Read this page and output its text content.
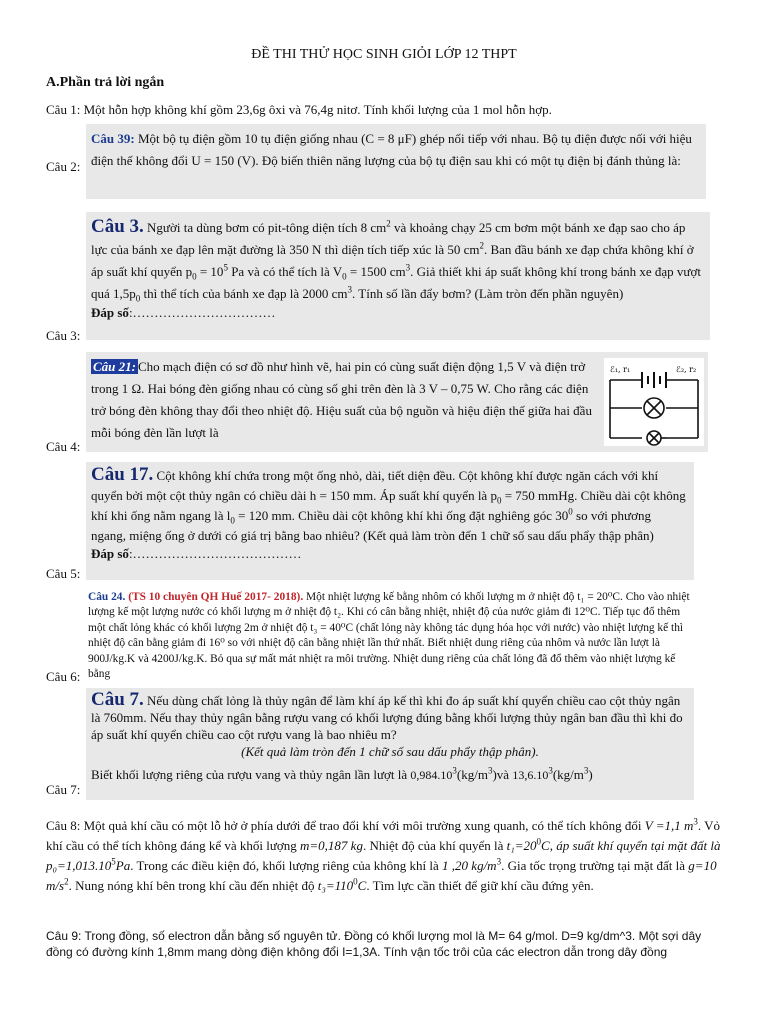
ĐỀ THI THỬ HỌC SINH GIỎI LỚP 12 THPT
A.Phần trả lời ngắn
Câu 1: Một hỗn hợp không khí gồm 23,6g ôxi và 76,4g nitơ. Tính khối lượng của 1 mol hỗn hợp.
Câu 39: Một bộ tụ điện gồm 10 tụ điện giống nhau (C = 8 μF) ghép nối tiếp với nhau. Bộ tụ điện được nối với hiệu điện thế không đổi U = 150 (V). Độ biến thiên năng lượng của bộ tụ điện sau khi có một tụ điện bị đánh thủng là:
Câu 2:
Câu 3. Người ta dùng bơm có pit-tông diện tích 8 $cm^2$ và khoảng chạy 25 cm bơm một bánh xe đạp sao cho áp lực của bánh xe đạp lên mặt đường là 350 N thì diện tích tiếp xúc là 50 $cm^2$. Ban đầu bánh xe đạp chứa không khí ở áp suất khí quyển $p_0 = 10^5$ Pa và có thể tích là $V_0 = 1500$ $cm^3$. Giả thiết khi áp suất không khí trong bánh xe đạp vượt quá $1,5p_0$ thì thể tích của bánh xe đạp là 2000 $cm^3$. Tính số lần đẩy bơm? (Làm tròn đến phần nguyên)
Đáp số:……………………………
Câu 3:
Câu 21: Cho mạch điện có sơ đồ như hình vẽ, hai pin có cùng suất điện động 1,5 V và điện trở trong 1 Ω. Hai bóng đèn giống nhau có cùng số ghi trên đèn là 3 V – 0,75 W. Cho rằng các điện trở bóng đèn không thay đổi theo nhiệt độ. Hiệu suất của bộ nguồn và hiệu điện thế giữa hai đầu mỗi bóng đèn lần lượt là
ℰ₁, r₁	ℰ₂, r₂
Câu 4:
Câu 17. Cột không khí chứa trong một ống nhỏ, dài, tiết diện đều. Cột không khí được ngăn cách với khí quyển bởi một cột thủy ngân có chiều dài h = 150 mm. Áp suất khí quyển là $p_0 = 750$ mmHg. Chiều dài cột không khí khi ống nằm ngang là $l_0 = 120$ mm. Chiều dài cột không khí khi ống đặt nghiêng góc $30^0$ so với phương ngang, miệng ống ở dưới có giá trị bằng bao nhiêu? (Kết quả làm tròn đến 1 chữ số sau dấu phẩy thập phân)
Đáp số:…………………………………
Câu 5:
Câu 24. (TS 10 chuyên QH Huế 2017- 2018). Một nhiệt lượng kế bằng nhôm có khối lượng m ở nhiệt độ t₁ = 20⁰C. Cho vào nhiệt lượng kế một lượng nước có khối lượng m ở nhiệt độ t₂. Khi có cân bằng nhiệt, nhiệt độ của nước giảm đi 12⁰C. Tiếp tục đổ thêm một chất lỏng khác có khối lượng 2m ở nhiệt độ t₃ = 40⁰C (chất lỏng này không tác dụng hóa học với nước) vào nhiệt lượng kế thì nhiệt độ cân bằng giảm đi 16⁰ so với nhiệt độ cân bằng nhiệt lần thứ nhất. Biết nhiệt dung riêng của nhôm và nước lần lượt là 900J/kg.K và 4200J/kg.K. Bỏ qua sự mất mát nhiệt ra môi trường. Nhiệt dung riêng của chất lỏng đã đổ thêm vào nhiệt lượng kế bằng
Câu 6:
Câu 7. Nếu dùng chất lỏng là thủy ngân để làm khí áp kế thì khi đo áp suất khí quyển chiều cao cột thủy ngân là 760mm. Nếu thay thủy ngân bằng rượu vang có khối lượng đúng bằng khối lượng thủy ngân ban đầu thì khi đo áp suất khí quyển chiều cao cột rượu vang là bao nhiêu m?
(Kết quả làm tròn đến 1 chữ số sau dấu phẩy thập phân).
Biết khối lượng riêng của rượu vang và thủy ngân lần lượt là $0,984.10^3(kg/m^3)và$ $13,6.10^3(kg/m^3)$
Câu 7:
Câu 8: Một quả khí cầu có một lỗ hở ở phía dưới để trao đổi khí với môi trường xung quanh, có thể tích không đổi V =1,1 $m^3$. Vỏ khí cầu có thể tích không đáng kể và khối lượng m=0,187 kg. Nhiệt độ của khí quyển là $t_1=20^0C$, áp suất khí quyển tại mặt đất là $p_0=1,013.10^5Pa$. Trong các điều kiện đó, khối lượng riêng của không khí là 1 ,20 $kg/m^3$. Gia tốc trọng trường tại mặt đất là g=10 $m/s^2$. Nung nóng khí bên trong khí cầu đến nhiệt độ $t_3=110^0C$. Tìm lực cần thiết để giữ khí cầu đứng yên.
Câu 9: Trong đồng, số electron dẫn bằng số nguyên tử. Đồng có khối lượng mol là M= 64 g/mol. D=9 kg/dm^3. Một sợi dây đồng có đường kính 1,8mm mang dòng điện không đổi I=1,3A. Tính vận tốc trôi của các electron dẫn trong dây đồng
